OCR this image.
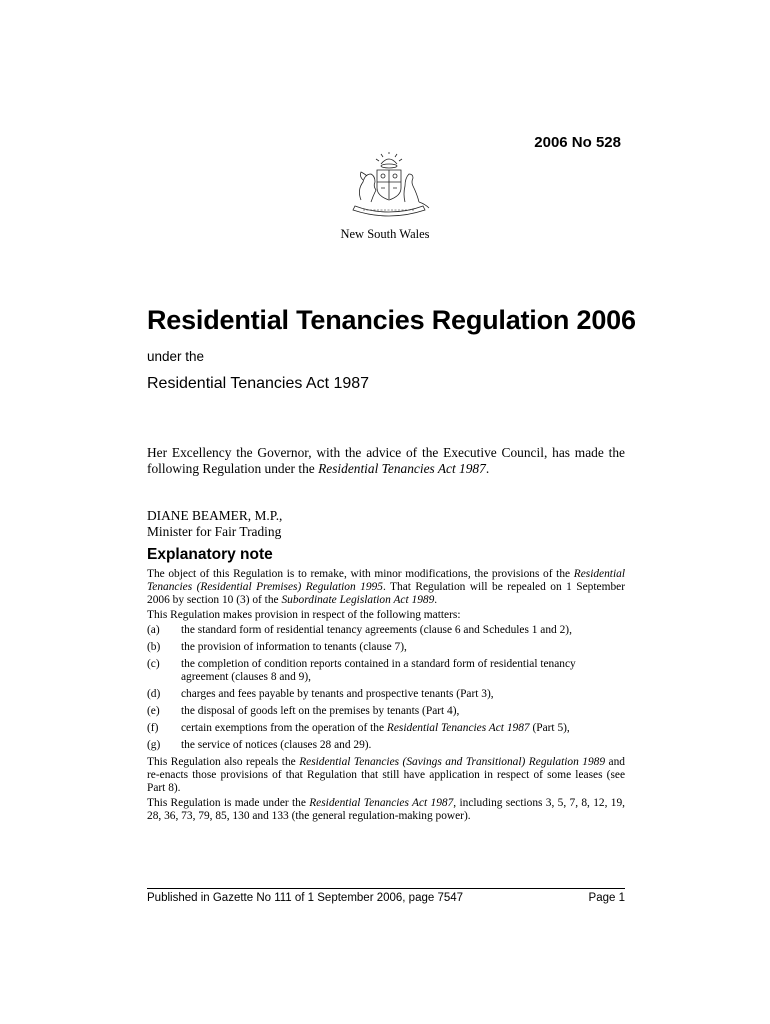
2006 No 528
New South Wales
Residential Tenancies Regulation 2006
under the
Residential Tenancies Act 1987
Her Excellency the Governor, with the advice of the Executive Council, has made the following Regulation under the Residential Tenancies Act 1987.
DIANE BEAMER, M.P.,
Minister for Fair Trading
Explanatory note

The object of this Regulation is to remake, with minor modifications, the provisions of the Residential Tenancies (Residential Premises) Regulation 1995. That Regulation will be repealed on 1 September 2006 by section 10 (3) of the Subordinate Legislation Act 1989.

This Regulation makes provision in respect of the following matters:

(a)	the standard form of residential tenancy agreements (clause 6 and Schedules 1 and 2),
(b)	the provision of information to tenants (clause 7),
(c)	the completion of condition reports contained in a standard form of residential tenancy agreement (clauses 8 and 9),
(d)	charges and fees payable by tenants and prospective tenants (Part 3),
(e)	the disposal of goods left on the premises by tenants (Part 4),
(f)	certain exemptions from the operation of the Residential Tenancies Act 1987 (Part 5),
(g)	the service of notices (clauses 28 and 29).

This Regulation also repeals the Residential Tenancies (Savings and Transitional) Regulation 1989 and re-enacts those provisions of that Regulation that still have application in respect of some leases (see Part 8).

This Regulation is made under the Residential Tenancies Act 1987, including sections 3, 5, 7, 8, 12, 19, 28, 36, 73, 79, 85, 130 and 133 (the general regulation-making power).

Published in Gazette No 111 of 1 September 2006, page 7547	Page 1
